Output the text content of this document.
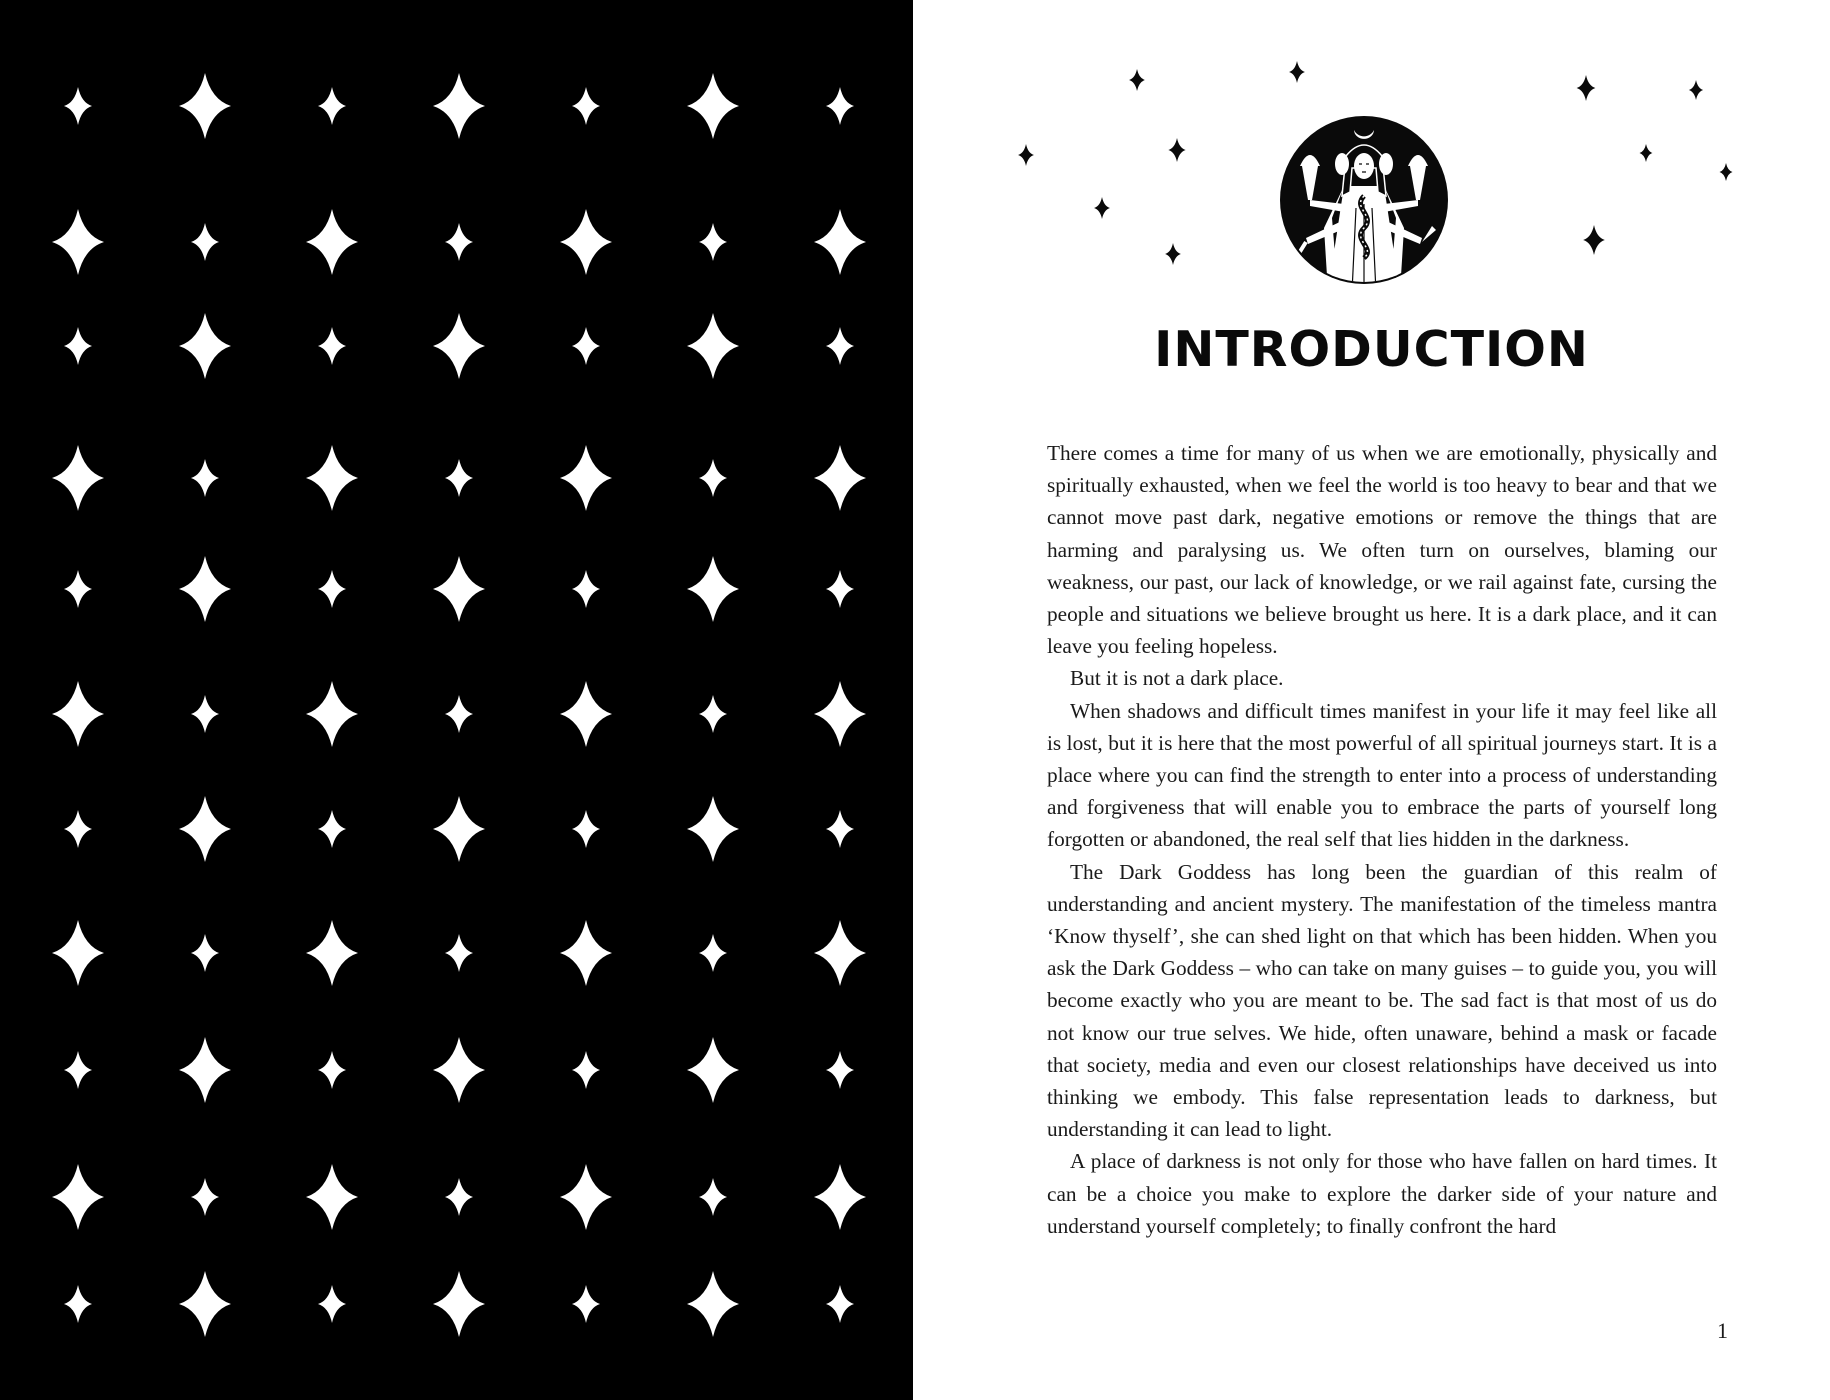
INTRODUCTION

There comes a time for many of us when we are emotionally, physically and spiritually exhausted, when we feel the world is too heavy to bear and that we cannot move past dark, negative emotions or remove the things that are harming and paralysing us. We often turn on ourselves, blaming our weakness, our past, our lack of knowledge, or we rail against fate, cursing the people and situations we believe brought us here. It is a dark place, and it can leave you feeling hopeless.

But it is not a dark place.

When shadows and difficult times manifest in your life it may feel like all is lost, but it is here that the most powerful of all spiritual journeys start. It is a place where you can find the strength to enter into a process of understanding and forgiveness that will enable you to embrace the parts of yourself long forgotten or abandoned, the real self that lies hidden in the darkness.

The Dark Goddess has long been the guardian of this realm of understanding and ancient mystery. The manifestation of the timeless mantra ‘Know thyself’, she can shed light on that which has been hidden. When you ask the Dark Goddess – who can take on many guises – to guide you, you will become exactly who you are meant to be. The sad fact is that most of us do not know our true selves. We hide, often unaware, behind a mask or facade that society, media and even our closest relationships have deceived us into thinking we embody. This false representation leads to darkness, but understanding it can lead to light.

A place of darkness is not only for those who have fallen on hard times. It can be a choice you make to explore the darker side of your nature and understand yourself completely; to finally confront the hard

1
